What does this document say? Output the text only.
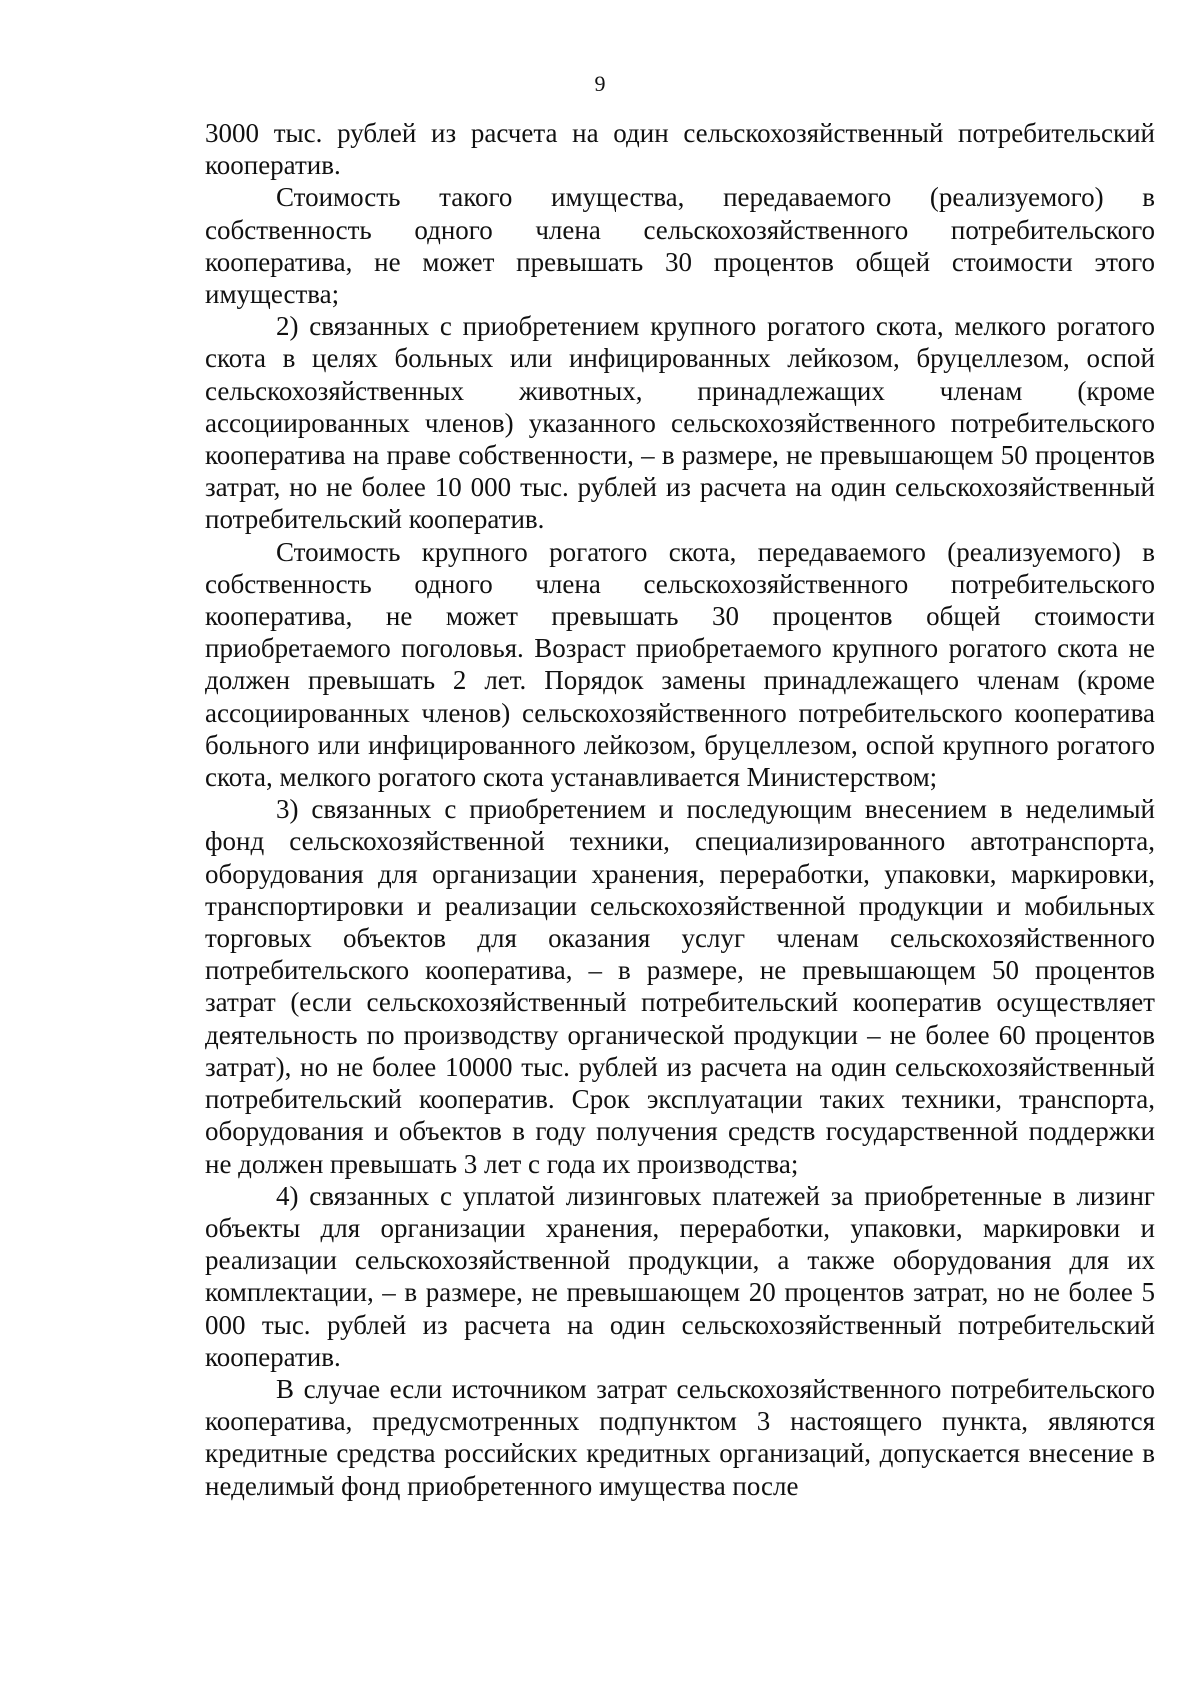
9

3000 тыс. рублей из расчета на один сельскохозяйственный потребительский кооператив.

Стоимость такого имущества, передаваемого (реализуемого) в собственность одного члена сельскохозяйственного потребительского кооператива, не может превышать 30 процентов общей стоимости этого имущества;

2) связанных с приобретением крупного рогатого скота, мелкого рогатого скота в целях больных или инфицированных лейкозом, бруцеллезом, оспой сельскохозяйственных животных, принадлежащих членам (кроме ассоциированных членов) указанного сельскохозяйственного потребительского кооператива на праве собственности, – в размере, не превышающем 50 процентов затрат, но не более 10 000 тыс. рублей из расчета на один сельскохозяйственный потребительский кооператив.

Стоимость крупного рогатого скота, передаваемого (реализуемого) в собственность одного члена сельскохозяйственного потребительского кооператива, не может превышать 30 процентов общей стоимости приобретаемого поголовья. Возраст приобретаемого крупного рогатого скота не должен превышать 2 лет. Порядок замены принадлежащего членам (кроме ассоциированных членов) сельскохозяйственного потребительского кооператива больного или инфицированного лейкозом, бруцеллезом, оспой крупного рогатого скота, мелкого рогатого скота устанавливается Министерством;

3) связанных с приобретением и последующим внесением в неделимый фонд сельскохозяйственной техники, специализированного автотранспорта, оборудования для организации хранения, переработки, упаковки, маркировки, транспортировки и реализации сельскохозяйственной продукции и мобильных торговых объектов для оказания услуг членам сельскохозяйственного потребительского кооператива, – в размере, не превышающем 50 процентов затрат (если сельскохозяйственный потребительский кооператив осуществляет деятельность по производству органической продукции – не более 60 процентов затрат), но не более 10000 тыс. рублей из расчета на один сельскохозяйственный потребительский кооператив. Срок эксплуатации таких техники, транспорта, оборудования и объектов в году получения средств государственной поддержки не должен превышать 3 лет с года их производства;

4) связанных с уплатой лизинговых платежей за приобретенные в лизинг объекты для организации хранения, переработки, упаковки, маркировки и реализации сельскохозяйственной продукции, а также оборудования для их комплектации, – в размере, не превышающем 20 процентов затрат, но не более 5 000 тыс. рублей из расчета на один сельскохозяйственный потребительский кооператив.

В случае если источником затрат сельскохозяйственного потребительского кооператива, предусмотренных подпунктом 3 настоящего пункта, являются кредитные средства российских кредитных организаций, допускается внесение в неделимый фонд приобретенного имущества после
